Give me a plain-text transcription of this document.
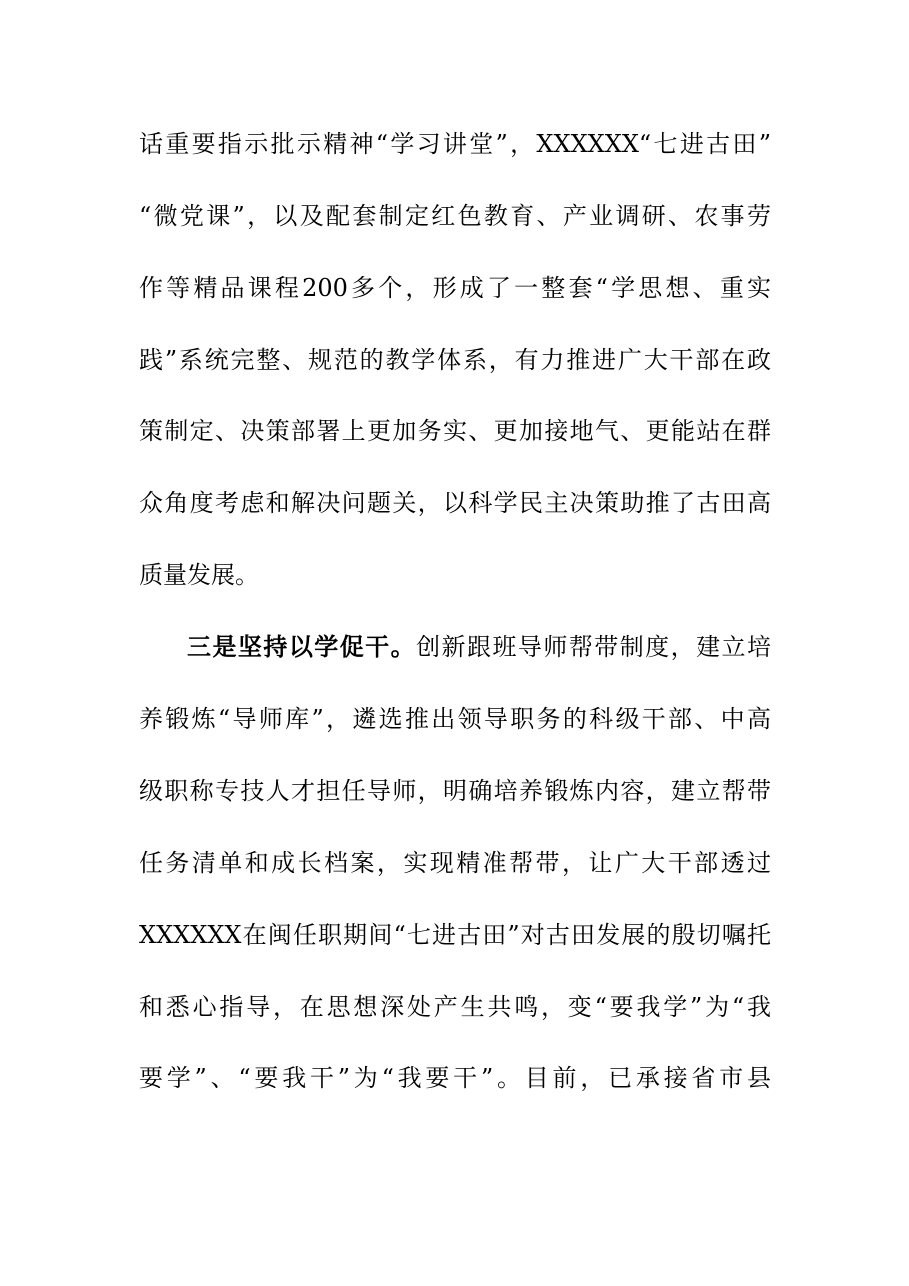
话重要指示批示精神“学习讲堂”，XXXXXX“七进古田”
“微党课”，以及配套制定红色教育、产业调研、农事劳
作等精品课程200多个，形成了一整套“学思想、重实
践”系统完整、规范的教学体系，有力推进广大干部在政
策制定、决策部署上更加务实、更加接地气、更能站在群
众角度考虑和解决问题关，以科学民主决策助推了古田高
质量发展。
三是坚持以学促干。创新跟班导师帮带制度，建立培
养锻炼“导师库”，遴选推出领导职务的科级干部、中高
级职称专技人才担任导师，明确培养锻炼内容，建立帮带
任务清单和成长档案，实现精准帮带，让广大干部透过
XXXXXX在闽任职期间“七进古田”对古田发展的殷切嘱托
和悉心指导，在思想深处产生共鸣，变“要我学”为“我
要学”、“要我干”为“我要干”。目前，已承接省市县
